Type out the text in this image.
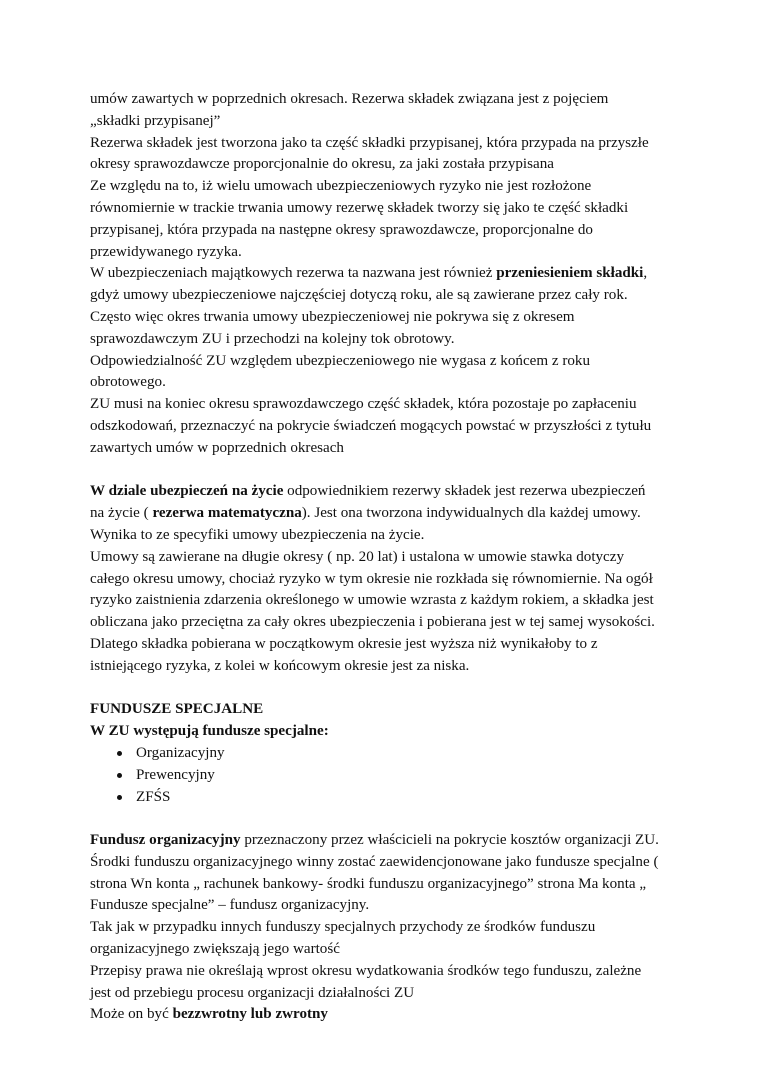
umów zawartych w poprzednich okresach. Rezerwa składek związana jest z pojęciem
„składki przypisanej”
Rezerwa składek jest tworzona jako ta część składki przypisanej, która przypada na przyszłe
okresy sprawozdawcze proporcjonalnie do okresu, za jaki została przypisana
Ze względu na to, iż wielu umowach ubezpieczeniowych ryzyko nie jest rozłożone
równomiernie w trackie trwania umowy rezerwę składek tworzy się jako te część składki
przypisanej, która przypada na następne okresy sprawozdawcze, proporcjonalne do
przewidywanego ryzyka.
W ubezpieczeniach majątkowych rezerwa ta nazwana jest również przeniesieniem składki,
gdyż umowy ubezpieczeniowe najczęściej dotyczą roku, ale są zawierane przez cały rok.
Często więc okres trwania umowy ubezpieczeniowej nie pokrywa się z okresem
sprawozdawczym ZU i przechodzi na kolejny tok obrotowy.
Odpowiedzialność ZU względem ubezpieczeniowego nie wygasa z końcem z roku
obrotowego.
ZU musi na koniec okresu sprawozdawczego część składek, która pozostaje po zapłaceniu
odszkodowań, przeznaczyć na pokrycie świadczeń mogących powstać w przyszłości z tytułu
zawartych umów w poprzednich okresach
W dziale ubezpieczeń na życie odpowiednikiem rezerwy składek jest rezerwa ubezpieczeń
na życie ( rezerwa matematyczna). Jest ona tworzona indywidualnych dla każdej umowy.
Wynika to ze specyfiki umowy ubezpieczenia na życie.
Umowy są zawierane na długie okresy ( np. 20 lat) i ustalona w umowie stawka dotyczy
całego okresu umowy, chociaż ryzyko w tym okresie nie rozkłada się równomiernie. Na ogół
ryzyko zaistnienia zdarzenia określonego w umowie wzrasta z każdym rokiem, a składka jest
obliczana jako przeciętna za cały okres ubezpieczenia i pobierana jest w tej samej wysokości.
Dlatego składka pobierana w początkowym okresie jest wyższa niż wynikałoby to z
istniejącego ryzyka, z kolei w końcowym okresie jest za niska.
FUNDUSZE SPECJALNE
W ZU występują fundusze specjalne:
Organizacyjny
Prewencyjny
ZFŚS
Fundusz organizacyjny przeznaczony przez właścicieli na pokrycie kosztów organizacji ZU.
Środki funduszu organizacyjnego winny zostać zaewidencjonowane jako fundusze specjalne (
strona Wn konta „ rachunek bankowy- środki funduszu organizacyjnego” strona Ma konta „
Fundusze specjalne” – fundusz organizacyjny.
Tak jak w przypadku innych funduszy specjalnych przychody ze środków funduszu
organizacyjnego zwiększają jego wartość
Przepisy prawa nie określają wprost okresu wydatkowania środków tego funduszu, zależne
jest od przebiegu procesu organizacji działalności ZU
Może on być bezzwrotny lub zwrotny
